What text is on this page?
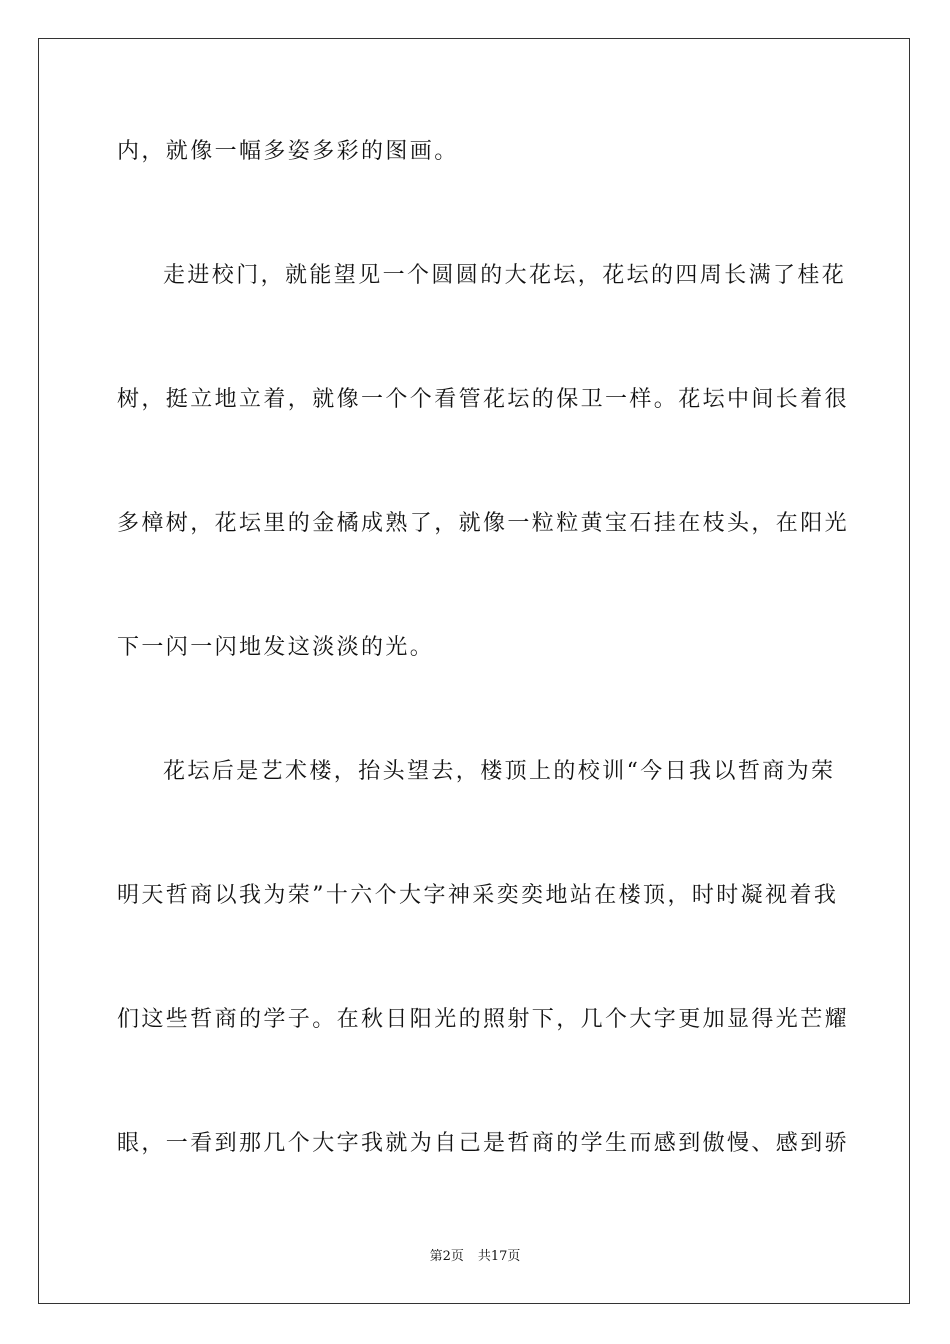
内，就像一幅多姿多彩的图画。
走进校门，就能望见一个圆圆的大花坛，花坛的四周长满了桂花
树，挺立地立着，就像一个个看管花坛的保卫一样。花坛中间长着很
多樟树，花坛里的金橘成熟了，就像一粒粒黄宝石挂在枝头，在阳光
下一闪一闪地发这淡淡的光。
花坛后是艺术楼，抬头望去，楼顶上的校训“今日我以哲商为荣
明天哲商以我为荣”十六个大字神采奕奕地站在楼顶，时时凝视着我
们这些哲商的学子。在秋日阳光的照射下，几个大字更加显得光芒耀
眼，一看到那几个大字我就为自己是哲商的学生而感到傲慢、感到骄
第2页 共17页
